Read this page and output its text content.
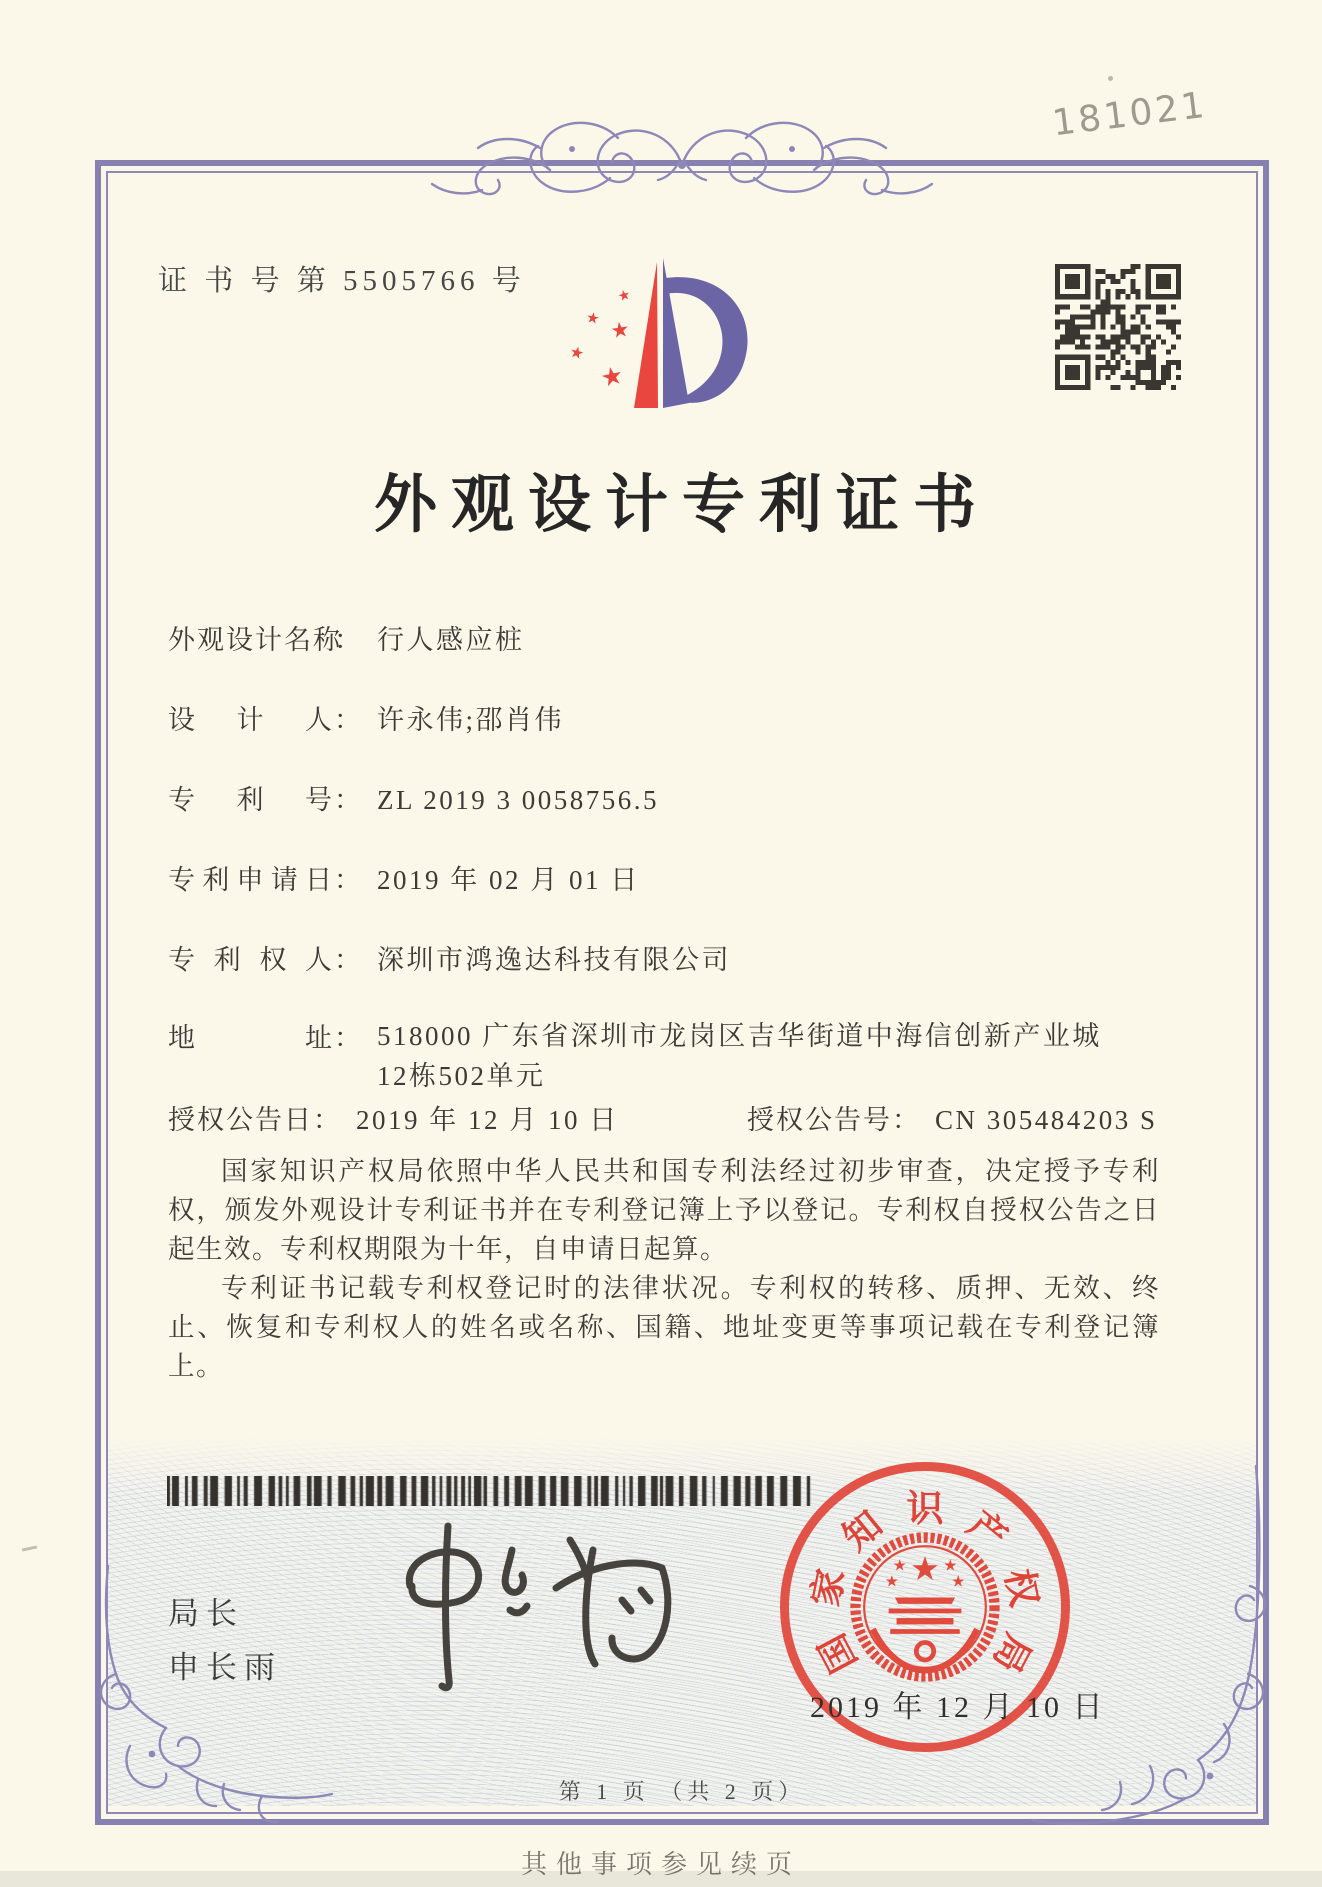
181021
证 书 号 第 5505766 号	★
★ ★
★
★
外观设计专利证书
外观设计名称： 行人感应桩
设计人： 许永伟;邵肖伟
专利号： ZL 2019 3 0058756.5
专利申请日： 2019 年 02 月 01 日
专利权人： 深圳市鸿逸达科技有限公司
地址： 518000 广东省深圳市龙岗区吉华街道中海信创新产业城12栋502单元
授权公告日： 2019 年 12 月 10 日	授权公告号： CN 305484203 S

国家知识产权局依照中华人民共和国专利法经过初步审查，决定授予专利权，颁发外观设计专利证书并在专利登记簿上予以登记。专利权自授权公告之日起生效。专利权期限为十年，自申请日起算。

专利证书记载专利权登记时的法律状况。专利权的转移、质押、无效、终止、恢复和专利权人的姓名或名称、国籍、地址变更等事项记载在专利登记簿上。

局长
申长雨	国
家
知 识 产
权
局
★
★
★
★
★
2019 年 12 月 10 日
第 1 页 （共 2 页）
其他事项参见续页
